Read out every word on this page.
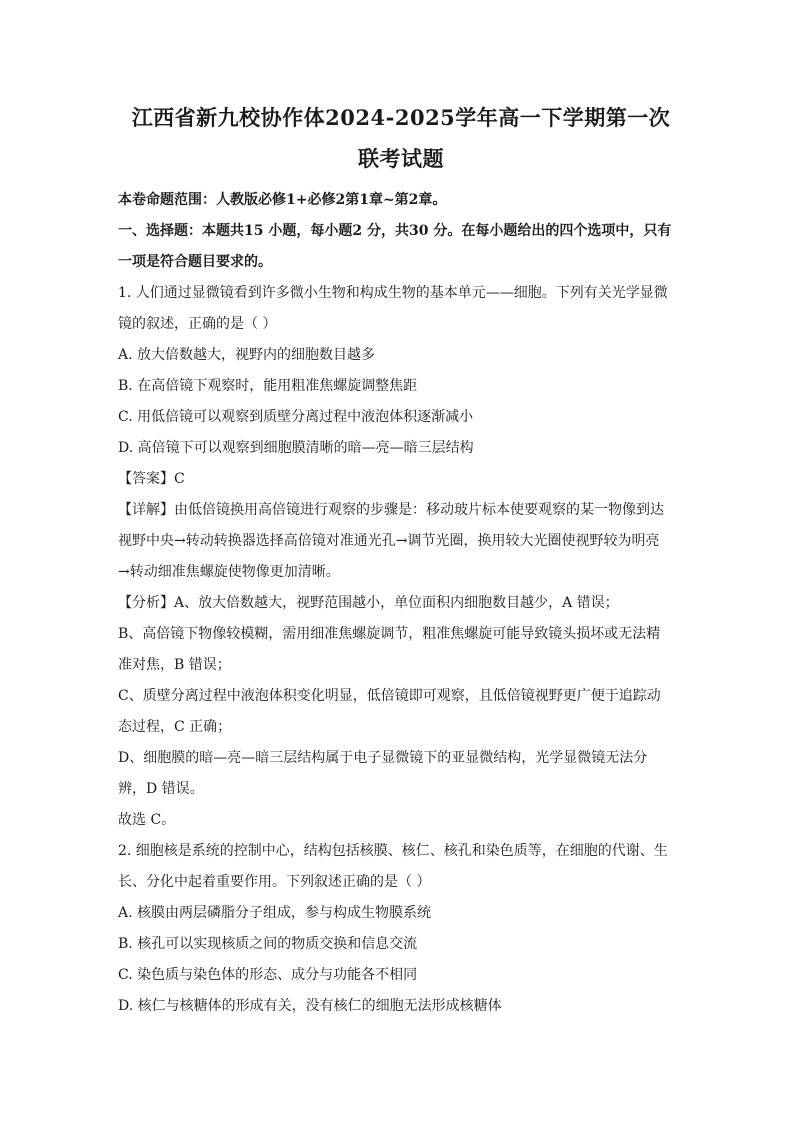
江西省新九校协作体2024-2025学年高一下学期第一次

联考试题

本卷命题范围：人教版必修1+必修2第1章~第2章。

一、选择题：本题共15 小题，每小题2 分，共30 分。在每小题给出的四个选项中，只有

一项是符合题目要求的。

1. 人们通过显微镜看到许多微小生物和构成生物的基本单元——细胞。下列有关光学显微

镜的叙述，正确的是（ ）

A. 放大倍数越大，视野内的细胞数目越多

B. 在高倍镜下观察时，能用粗准焦螺旋调整焦距

C. 用低倍镜可以观察到质壁分离过程中液泡体积逐渐减小

D. 高倍镜下可以观察到细胞膜清晰的暗—亮—暗三层结构

【答案】C

【详解】由低倍镜换用高倍镜进行观察的步骤是：移动玻片标本使要观察的某一物像到达

视野中央→转动转换器选择高倍镜对准通光孔→调节光圈，换用较大光圈使视野较为明亮

→转动细准焦螺旋使物像更加清晰。

【分析】A、放大倍数越大，视野范围越小，单位面积内细胞数目越少，A 错误；

B、高倍镜下物像较模糊，需用细准焦螺旋调节，粗准焦螺旋可能导致镜头损坏或无法精

准对焦，B 错误；

C、质壁分离过程中液泡体积变化明显，低倍镜即可观察，且低倍镜视野更广便于追踪动

态过程，C 正确；

D、细胞膜的暗—亮—暗三层结构属于电子显微镜下的亚显微结构，光学显微镜无法分

辨，D 错误。

故选 C。

2. 细胞核是系统的控制中心，结构包括核膜、核仁、核孔和染色质等，在细胞的代谢、生

长、分化中起着重要作用。下列叙述正确的是（ ）

A. 核膜由两层磷脂分子组成，参与构成生物膜系统

B. 核孔可以实现核质之间的物质交换和信息交流

C. 染色质与染色体的形态、成分与功能各不相同

D. 核仁与核糖体的形成有关，没有核仁的细胞无法形成核糖体
